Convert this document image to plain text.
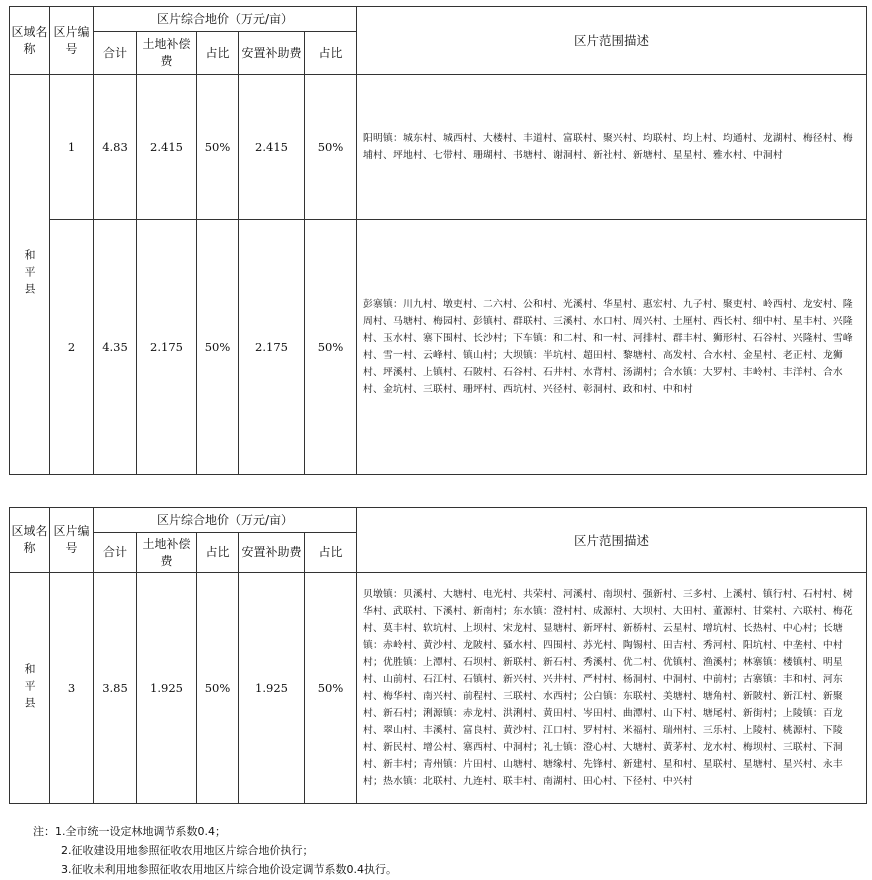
区域名称	区片编号	区片综合地价（万元/亩）					区片范围描述
		合计	土地补偿费	占比	安置补助费	占比	
和平县	1	4.83	2.415	50%	2.415	50%	阳明镇：城东村、城西村、大楼村、丰道村、富联村、聚兴村、均联村、均上村、均通村、龙湖村、梅径村、梅埔村、坪地村、七带村、珊瑚村、书塘村、谢洞村、新社村、新塘村、星星村、雅水村、中洞村
	2	4.35	2.175	50%	2.175	50%	彭寨镇：川九村、墩吏村、二六村、公和村、光溪村、华星村、惠宏村、九子村、聚吏村、岭西村、龙安村、隆周村、马塘村、梅园村、彭镇村、群联村、三溪村、水口村、周兴村、土厘村、西长村、细中村、星丰村、兴隆村、玉水村、寨下围村、长沙村；下车镇：和二村、和一村、河排村、群丰村、狮形村、石谷村、兴隆村、雪峰村、雪一村、云峰村、镇山村；大坝镇：半坑村、超田村、黎塘村、高发村、合水村、金星村、老正村、龙狮村、坪溪村、上镇村、石陂村、石谷村、石井村、水背村、汤湖村；合水镇：大罗村、丰岭村、丰洋村、合水村、金坑村、三联村、珊坪村、西坑村、兴径村、彰洞村、政和村、中和村
区域名称	区片编号	区片综合地价（万元/亩）					区片范围描述
		合计	土地补偿费	占比	安置补助费	占比	
和平县	3	3.85	1.925	50%	1.925	50%	贝墩镇：贝溪村、大塘村、电光村、共荣村、河溪村、南坝村、强新村、三多村、上溪村、镇行村、石村村、树华村、武联村、下溪村、新南村；东水镇：澄村村、成源村、大坝村、大田村、董源村、甘棠村、六联村、梅花村、莫丰村、软坑村、上坝村、宋龙村、显塘村、新坪村、新桥村、云星村、增坑村、长热村、中心村；长塘镇：赤岭村、黄沙村、龙陂村、骚水村、四围村、苏光村、陶锡村、田吉村、秀河村、阳坑村、中垄村、中村村；优胜镇：上潭村、石坝村、新联村、新石村、秀溪村、优二村、优镇村、渔溪村；林寨镇：楼镇村、明星村、山前村、石江村、石镇村、新兴村、兴井村、严村村、杨洞村、中洞村、中前村；古寨镇：丰和村、河东村、梅华村、南兴村、前程村、三联村、水西村；公白镇：东联村、美塘村、塘角村、新陂村、新江村、新聚村、新石村；浰源镇：赤龙村、洪浰村、黄田村、岑田村、曲潭村、山下村、塘尾村、新街村；上陵镇：百龙村、翠山村、丰溪村、富良村、黄沙村、江口村、罗村村、米福村、瑞州村、三乐村、上陵村、桃源村、下陵村、新民村、增公村、寨西村、中洞村；礼士镇：澄心村、大塘村、黄茅村、龙水村、梅坝村、三联村、下洞村、新丰村；青州镇：片田村、山塘村、塘缘村、先锋村、新建村、星和村、星联村、星塘村、星兴村、永丰村；热水镇：北联村、九连村、联丰村、南湖村、田心村、下径村、中兴村
注：1.全市统一设定林地调节系数0.4；
2.征收建设用地参照征收农用地区片综合地价执行；
3.征收未利用地参照征收农用地区片综合地价设定调节系数0.4执行。
